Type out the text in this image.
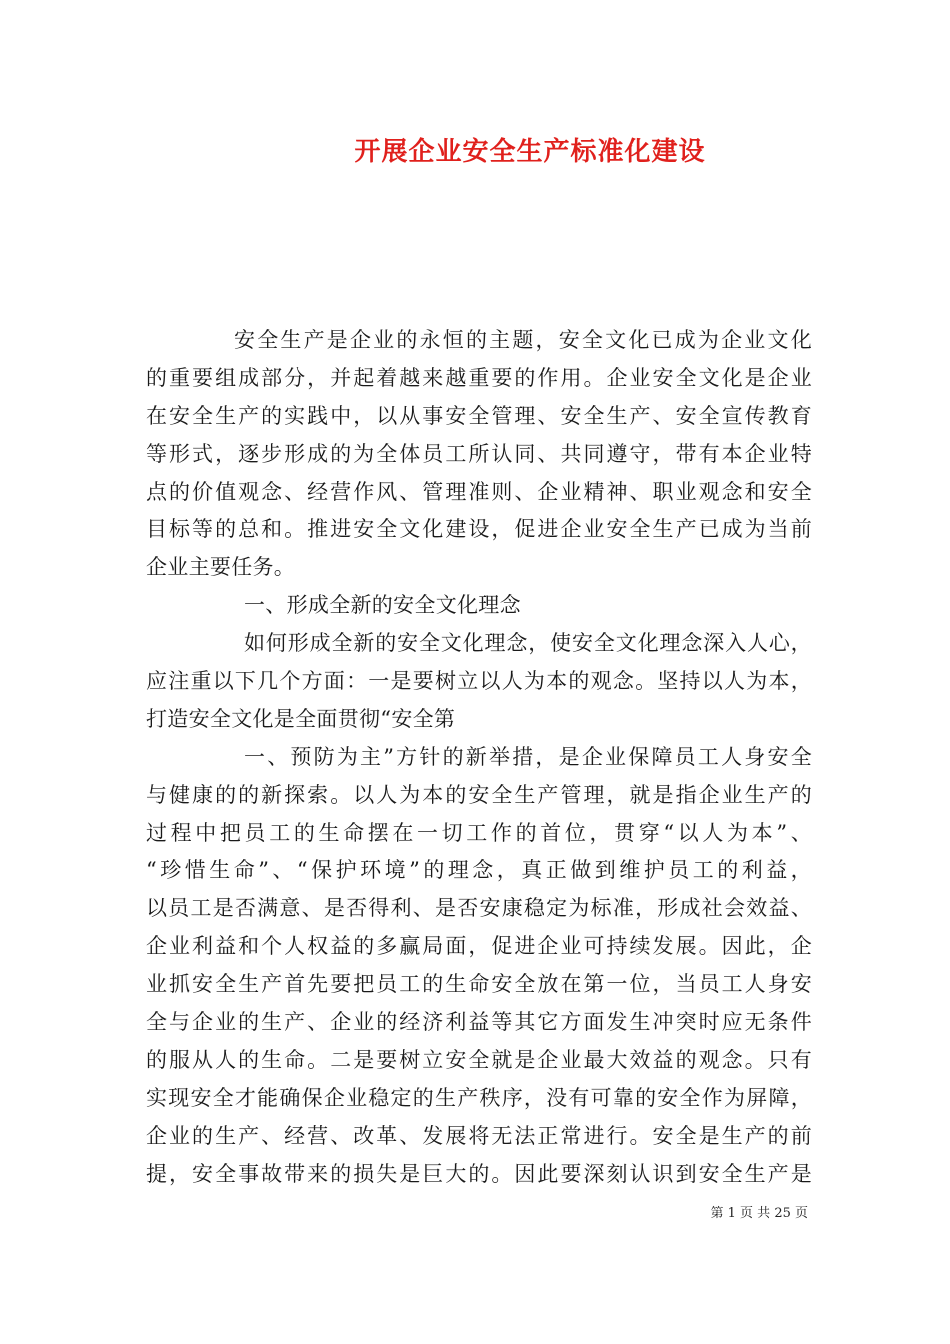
开展企业安全生产标准化建设
安全生产是企业的永恒的主题，安全文化已成为企业文化
的重要组成部分，并起着越来越重要的作用。企业安全文化是企业
在安全生产的实践中，以从事安全管理、安全生产、安全宣传教育
等形式，逐步形成的为全体员工所认同、共同遵守，带有本企业特
点的价值观念、经营作风、管理准则、企业精神、职业观念和安全
目标等的总和。推进安全文化建设，促进企业安全生产已成为当前
企业主要任务。
一、形成全新的安全文化理念
如何形成全新的安全文化理念，使安全文化理念深入人心，
应注重以下几个方面：一是要树立以人为本的观念。坚持以人为本，
打造安全文化是全面贯彻“安全第
一、预防为主”方针的新举措，是企业保障员工人身安全
与健康的的新探索。以人为本的安全生产管理，就是指企业生产的
过程中把员工的生命摆在一切工作的首位，贯穿“以人为本”、
“珍惜生命”、“保护环境”的理念，真正做到维护员工的利益，
以员工是否满意、是否得利、是否安康稳定为标准，形成社会效益、
企业利益和个人权益的多赢局面，促进企业可持续发展。因此，企
业抓安全生产首先要把员工的生命安全放在第一位，当员工人身安
全与企业的生产、企业的经济利益等其它方面发生冲突时应无条件
的服从人的生命。二是要树立安全就是企业最大效益的观念。只有
实现安全才能确保企业稳定的生产秩序，没有可靠的安全作为屏障，
企业的生产、经营、改革、发展将无法正常进行。安全是生产的前
提，安全事故带来的损失是巨大的。因此要深刻认识到安全生产是
第 1 页 共 25 页
